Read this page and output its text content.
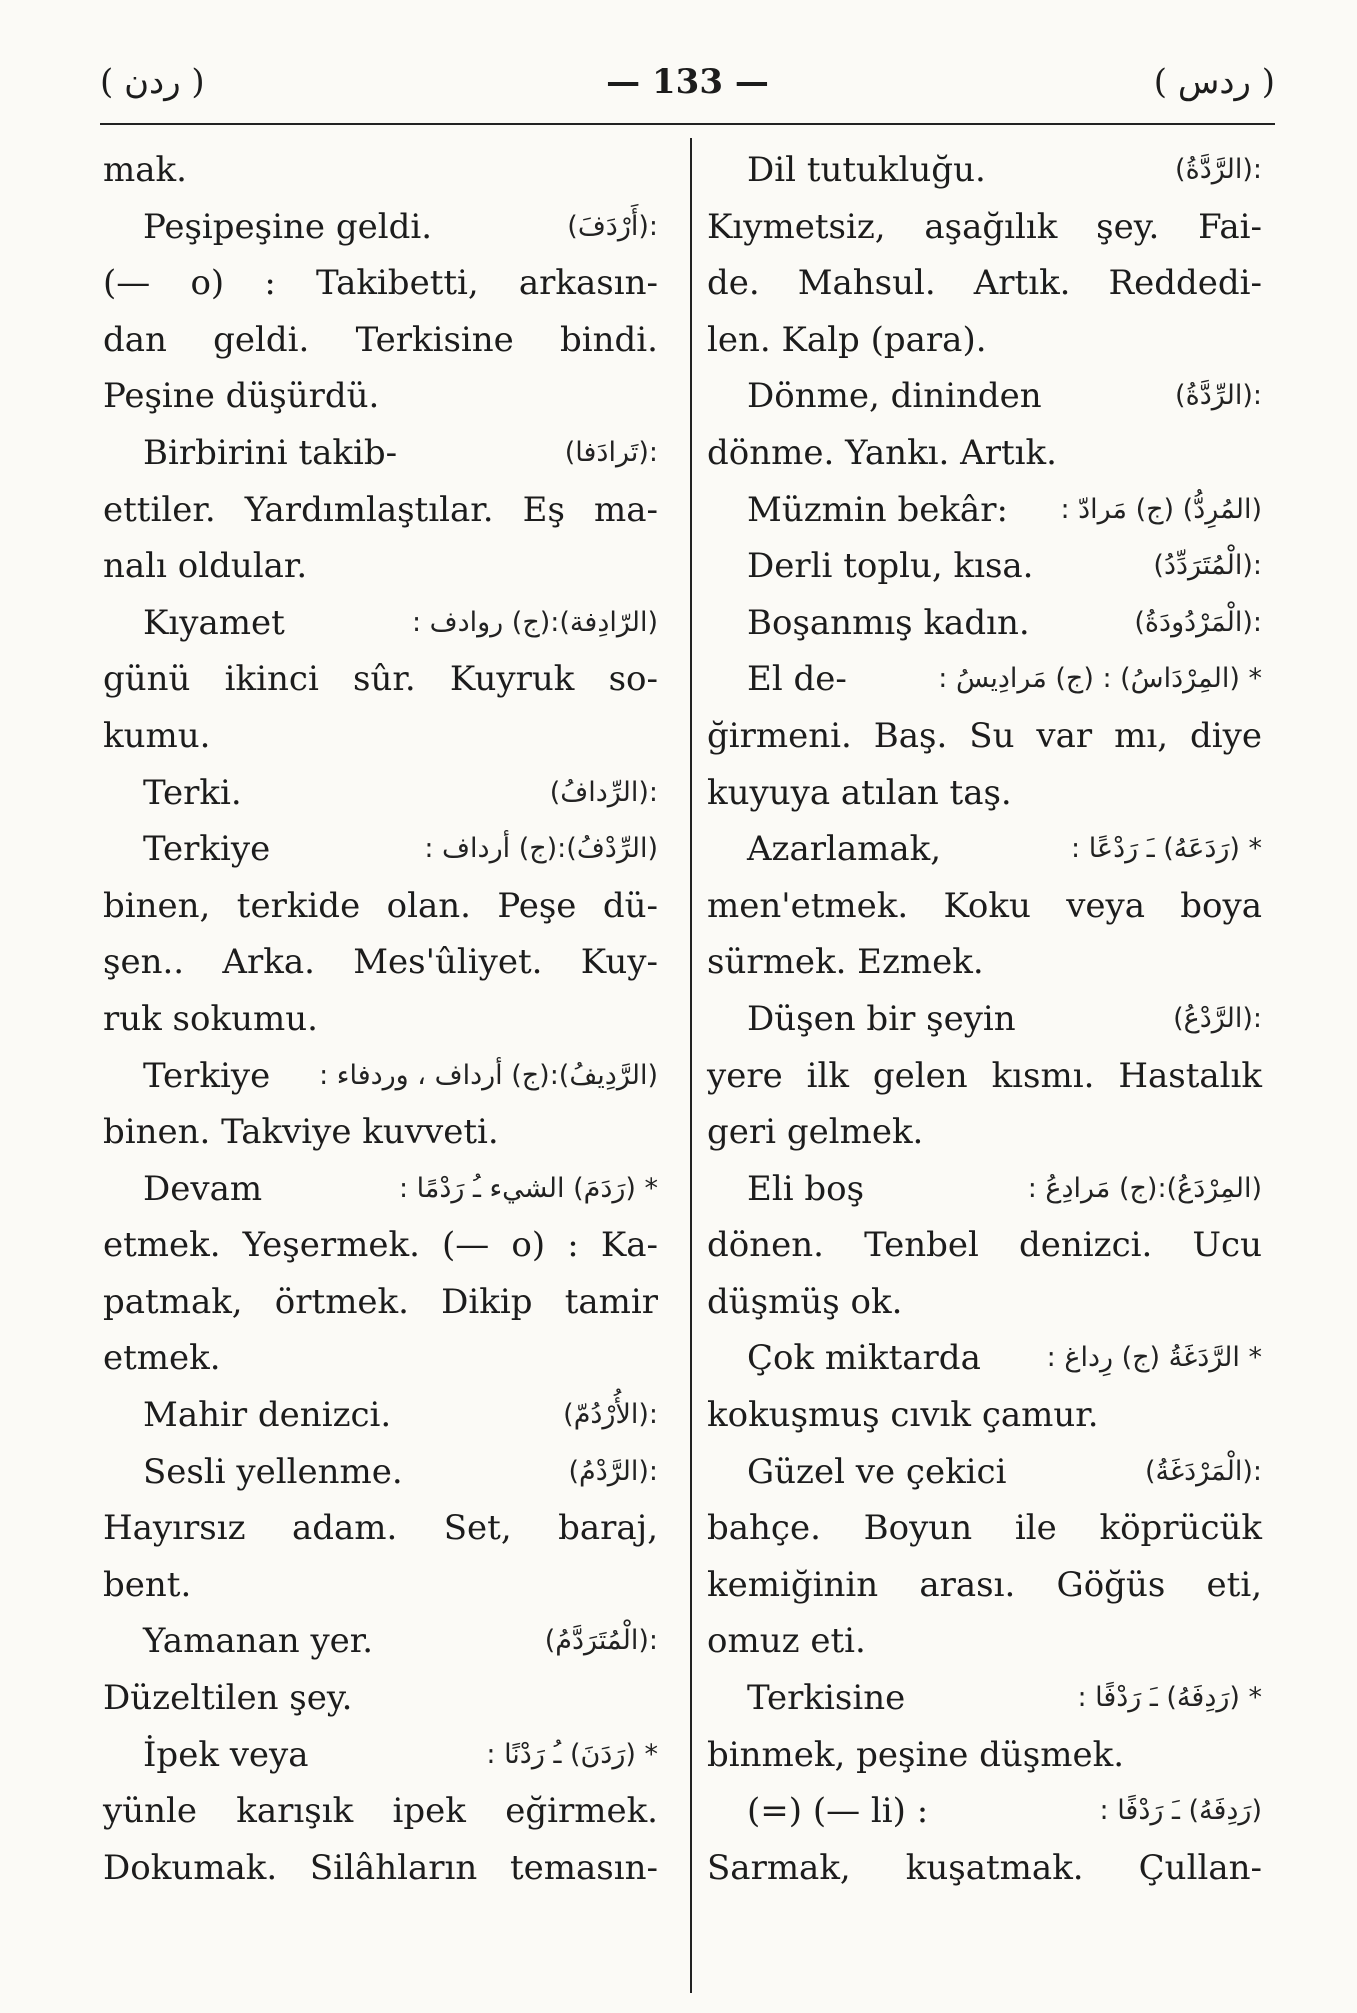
( ردن )	— 133 —	( ردس )
mak.
Peşipeşine geldi.	:(أَرْدَفَ)
(— o) : Takibetti, arkasın-
dan geldi. Terkisine bindi.
Peşine düşürdü.
Birbirini takib-	:(تَرادَفا)
ettiler. Yardımlaştılar. Eş ma-
nalı oldular.
Kıyamet	(الرّادِفة):(ج) روادف :
günü ikinci sûr. Kuyruk so-
kumu.
Terki.	:(الرِّدافُ)
Terkiye	(الرِّدْفُ):(ج) أرداف :
binen, terkide olan. Peşe dü-
şen.. Arka. Mes'ûliyet. Kuy-
ruk sokumu.
Terkiye (الرَّدِيفُ):(ج) أرداف ، وردفاء :
binen. Takviye kuvveti.
Devam	* (رَدَمَ) الشيء ـُ رَدْمًا :
etmek. Yeşermek. (— o) : Ka-
patmak, örtmek. Dikip tamir
etmek.
Mahir denizci.	:(الأُرْدُمّ)
Sesli yellenme.	:(الرَّدْمُ)
Hayırsız adam. Set, baraj,
bent.
Yamanan yer.	:(الْمُتَرَدَّمُ)
Düzeltilen şey.
İpek veya	* (رَدَنَ) ـُ رَدْنًا :
yünle karışık ipek eğirmek.
Dokumak. Silâhların temasın-
Dil tutukluğu.	:(الرَّدَّةُ)
Kıymetsiz, aşağılık şey. Fai-
de. Mahsul. Artık. Reddedi-
len. Kalp (para).
Dönme, dininden	:(الرِّدَّةُ)
dönme. Yankı. Artık.
Müzmin bekâr: (المُرِدُّ) (ج) مَرادّ :
Derli toplu, kısa.	:(الْمُتَرَدِّدُ)
Boşanmış kadın.	:(الْمَرْدُودَةُ)
El de-	* (المِرْدَاسُ) : (ج) مَرادِيسُ :
ğirmeni. Baş. Su var mı, diye
kuyuya atılan taş.
Azarlamak,	* (رَدَعَهُ) ـَ رَدْعًا :
men'etmek. Koku veya boya
sürmek. Ezmek.
Düşen bir şeyin	:(الرَّدْعُ)
yere ilk gelen kısmı. Hastalık
geri gelmek.
Eli boş	(المِرْدَعُ):(ج) مَرادِعُ :
dönen. Tenbel denizci. Ucu
düşmüş ok.
Çok miktarda * الرَّدَغَةُ (ج) رِداغ :
kokuşmuş cıvık çamur.
Güzel ve çekici	:(الْمَرْدَغَةُ)
bahçe. Boyun ile köprücük
kemiğinin arası. Göğüs eti,
omuz eti.
Terkisine	* (رَدِفَهُ) ـَ رَدْفًا :
binmek, peşine düşmek.
(=) (— li) :	(رَدِفَهُ) ـَ رَدْفًا :
Sarmak, kuşatmak. Çullan-
